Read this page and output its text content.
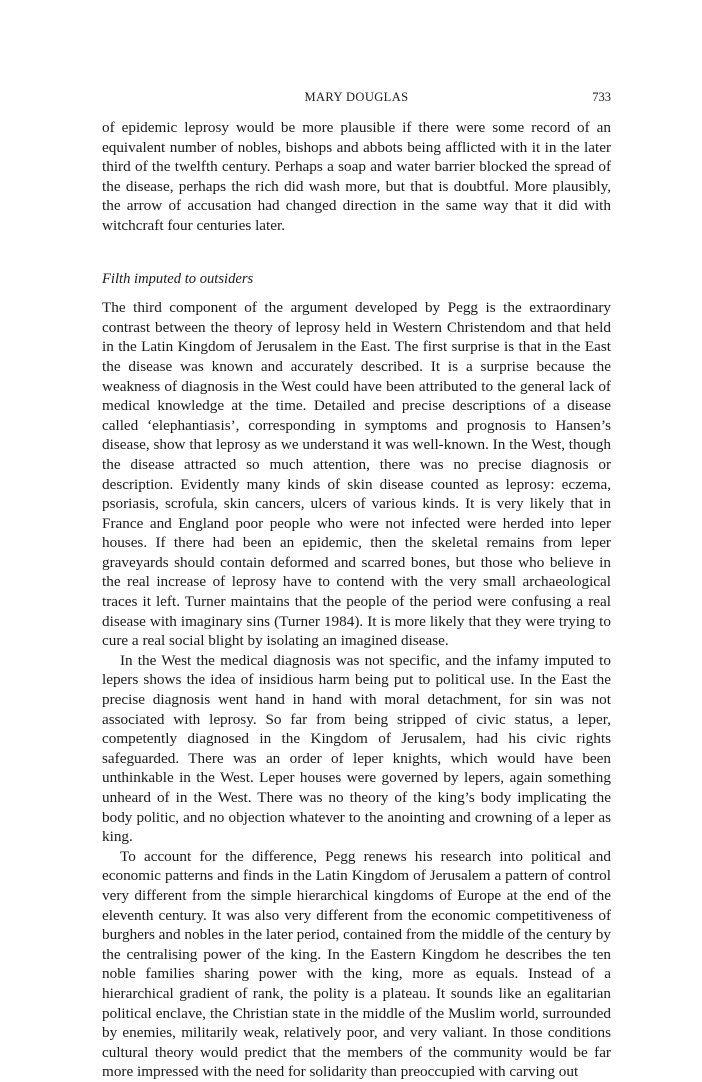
MARY DOUGLAS	733

of epidemic leprosy would be more plausible if there were some record of an equivalent number of nobles, bishops and abbots being afflicted with it in the later third of the twelfth century. Perhaps a soap and water barrier blocked the spread of the disease, perhaps the rich did wash more, but that is doubtful. More plausibly, the arrow of accusation had changed direction in the same way that it did with witchcraft four centuries later.

Filth imputed to outsiders

The third component of the argument developed by Pegg is the extraordinary contrast between the theory of leprosy held in Western Christendom and that held in the Latin Kingdom of Jerusalem in the East. The first surprise is that in the East the disease was known and accurately described. It is a surprise because the weakness of diagnosis in the West could have been attributed to the general lack of medical knowledge at the time. Detailed and precise descriptions of a disease called ‘elephantiasis’, corresponding in symptoms and prognosis to Hansen’s disease, show that leprosy as we understand it was well-known. In the West, though the disease attracted so much attention, there was no precise diagnosis or description. Evidently many kinds of skin disease counted as leprosy: eczema, psoriasis, scrofula, skin cancers, ulcers of various kinds. It is very likely that in France and England poor people who were not infected were herded into leper houses. If there had been an epidemic, then the skeletal remains from leper graveyards should contain deformed and scarred bones, but those who believe in the real increase of leprosy have to contend with the very small archaeological traces it left. Turner maintains that the people of the period were confusing a real disease with imaginary sins (Turner 1984). It is more likely that they were trying to cure a real social blight by isolating an imagined disease.

In the West the medical diagnosis was not specific, and the infamy imputed to lepers shows the idea of insidious harm being put to political use. In the East the precise diagnosis went hand in hand with moral detachment, for sin was not associated with leprosy. So far from being stripped of civic status, a leper, competently diagnosed in the Kingdom of Jerusalem, had his civic rights safeguarded. There was an order of leper knights, which would have been unthinkable in the West. Leper houses were governed by lepers, again something unheard of in the West. There was no theory of the king’s body implicating the body politic, and no objection whatever to the anointing and crowning of a leper as king.

To account for the difference, Pegg renews his research into political and economic patterns and finds in the Latin Kingdom of Jerusalem a pattern of control very different from the simple hierarchical kingdoms of Europe at the end of the eleventh century. It was also very different from the economic competitiveness of burghers and nobles in the later period, contained from the middle of the century by the centralising power of the king. In the Eastern Kingdom he describes the ten noble families sharing power with the king, more as equals. Instead of a hierarchical gradient of rank, the polity is a plateau. It sounds like an egalitarian political enclave, the Christian state in the middle of the Muslim world, surrounded by enemies, militarily weak, relatively poor, and very valiant. In those conditions cultural theory would predict that the members of the community would be far more impressed with the need for solidarity than preoccupied with carving out
